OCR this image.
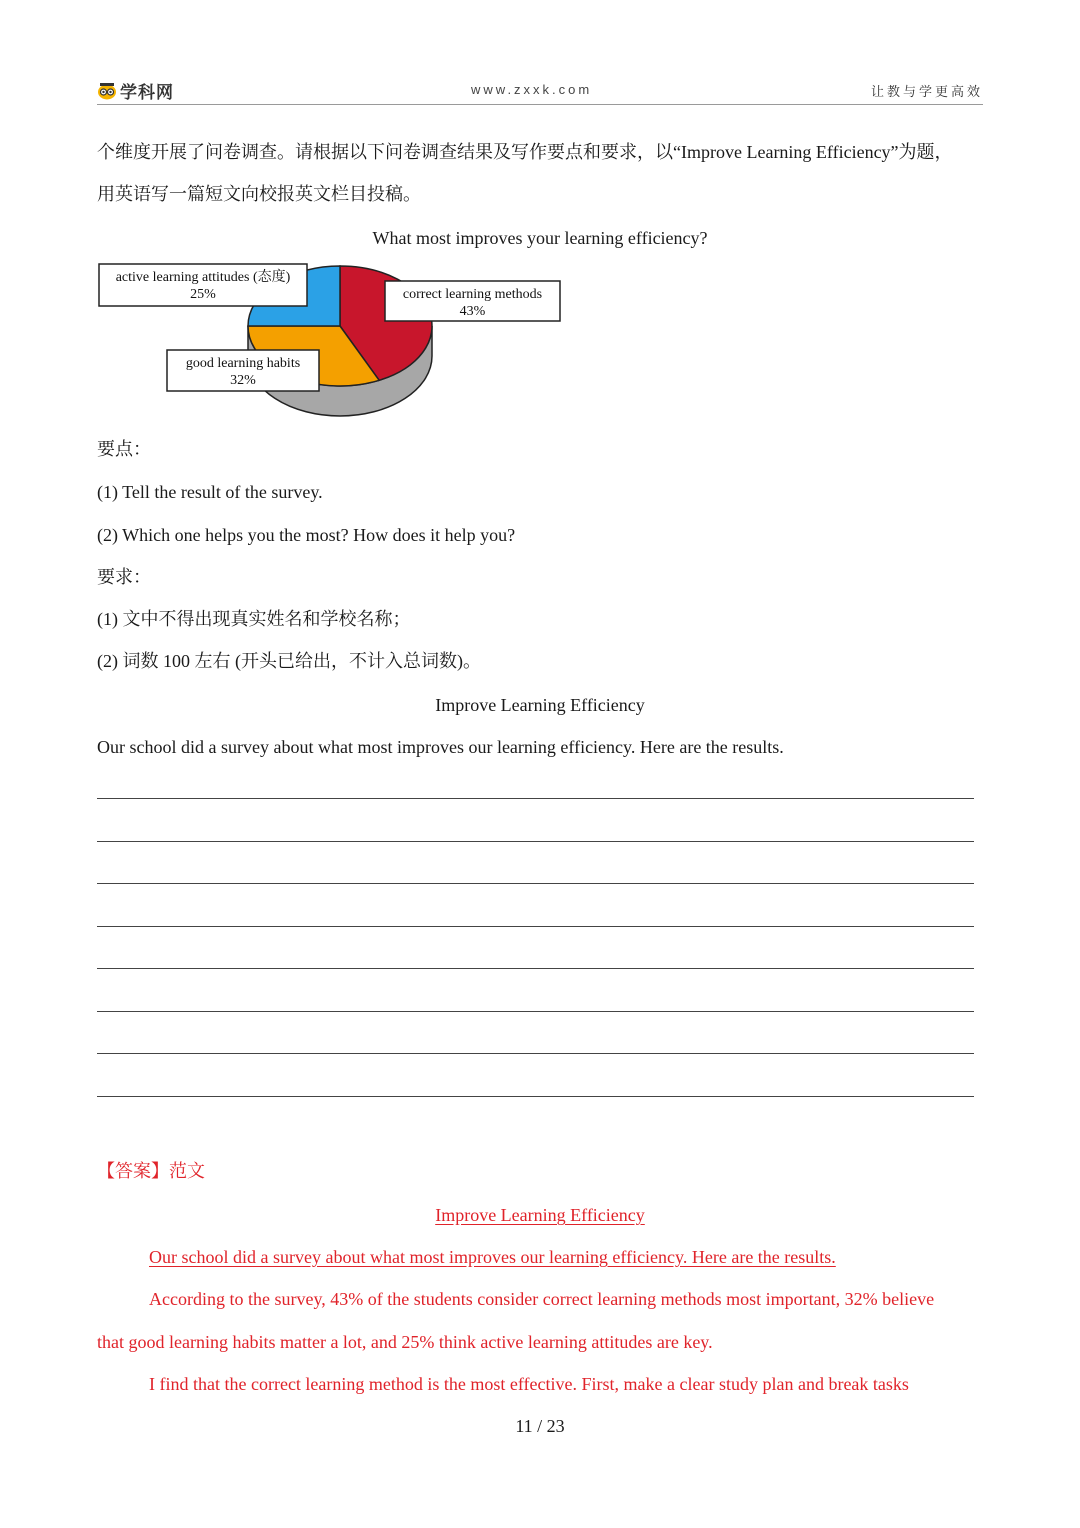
学科网	www.zxxk.com	让教与学更高效
个维度开展了问卷调查。请根据以下问卷调查结果及写作要点和要求，以“Improve Learning Efficiency”为题，
用英语写一篇短文向校报英文栏目投稿。
What most improves your learning efficiency?
correct learning methods
43%
good learning habits
32%
active learning attitudes (态度)
25%
要点：
(1) Tell the result of the survey.
(2) Which one helps you the most? How does it help you?
要求：
(1) 文中不得出现真实姓名和学校名称；
(2) 词数 100 左右 (开头已给出，不计入总词数)。
Improve Learning Efficiency
Our school did a survey about what most improves our learning efficiency. Here are the results.
【答案】范文
Improve Learning Efficiency
Our school did a survey about what most improves our learning efficiency. Here are the results.
According to the survey, 43% of the students consider correct learning methods most important, 32% believe
that good learning habits matter a lot, and 25% think active learning attitudes are key.
I find that the correct learning method is the most effective. First, make a clear study plan and break tasks
11 / 23
